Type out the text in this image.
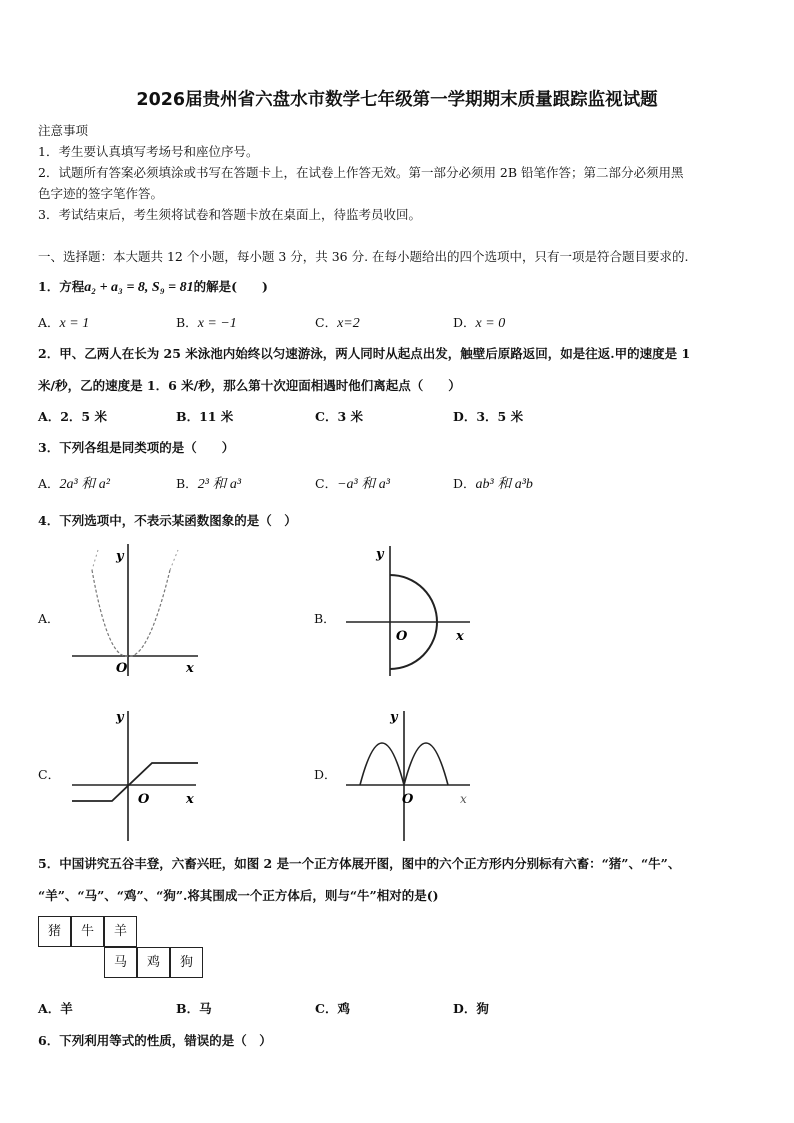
2026届贵州省六盘水市数学七年级第一学期期末质量跟踪监视试题
注意事项
1．考生要认真填写考场号和座位序号。
2．试题所有答案必须填涂或书写在答题卡上，在试卷上作答无效。第一部分必须用 2B 铅笔作答；第二部分必须用黑
色字迹的签字笔作答。
3．考试结束后，考生须将试卷和答题卡放在桌面上，待监考员收回。
一、选择题：本大题共 12 个小题，每小题 3 分，共 36 分. 在每小题给出的四个选项中，只有一项是符合题目要求的.
1．方程a₂ + a₃ = 8, S₉ = 81的解是(　　)
A．x = 1	B．x = −1	C．x=2	D．x = 0
2．甲、乙两人在长为 25 米泳池内始终以匀速游泳，两人同时从起点出发，触壁后原路返回，如是往返.甲的速度是 1
米/秒，乙的速度是 1．6 米/秒，那么第十次迎面相遇时他们离起点（　　）
A．2．5 米	B．11 米	C．3 米	D．3．5 米
3．下列各组是同类项的是（　　）
A．2a³ 和 a²	B．2³ 和 a³	C．−a³ 和 a³	D．ab³ 和 a³b
4．下列选项中，不表示某函数图象的是（　）
A．
y
O	x
B．
y
O	x
C．
y
O	x
D．
y
O	x
5．中国讲究五谷丰登，六畜兴旺，如图 2 是一个正方体展开图，图中的六个正方形内分别标有六畜：“猪”、“牛”、
“羊”、“马”、“鸡”、“狗”.将其围成一个正方体后，则与“牛”相对的是()
猪	牛	羊
马	鸡	狗
A．羊	B．马	C．鸡	D．狗
6．下列利用等式的性质，错误的是（　）
